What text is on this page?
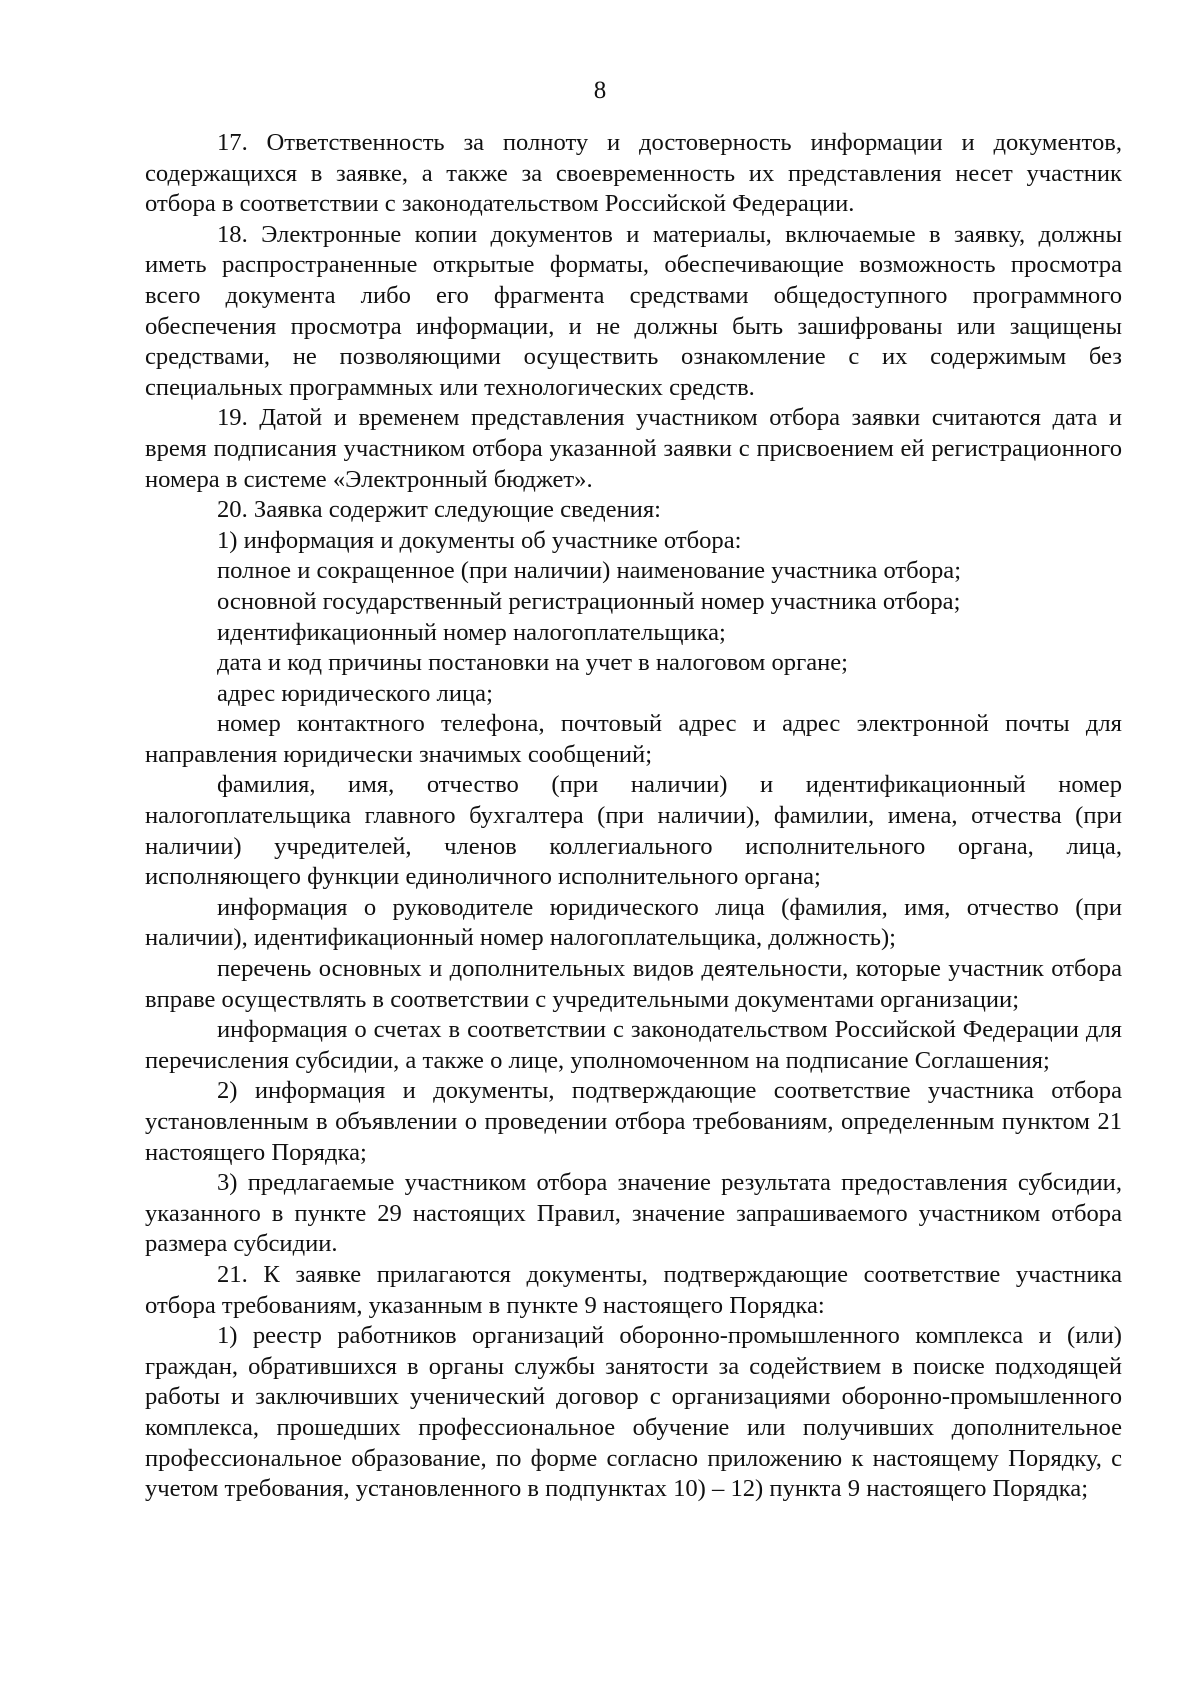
8

17. Ответственность за полноту и достоверность информации и документов, содержащихся в заявке, а также за своевременность их представления несет участник отбора в соответствии с законодательством Российской Федерации.

18. Электронные копии документов и материалы, включаемые в заявку, должны иметь распространенные открытые форматы, обеспечивающие возможность просмотра всего документа либо его фрагмента средствами общедоступного программного обеспечения просмотра информации, и не должны быть зашифрованы или защищены средствами, не позволяющими осуществить ознакомление с их содержимым без специальных программных или технологических средств.

19. Датой и временем представления участником отбора заявки считаются дата и время подписания участником отбора указанной заявки с присвоением ей регистрационного номера в системе «Электронный бюджет».

20. Заявка содержит следующие сведения:

1) информация и документы об участнике отбора:

полное и сокращенное (при наличии) наименование участника отбора;

основной государственный регистрационный номер участника отбора;

идентификационный номер налогоплательщика;

дата и код причины постановки на учет в налоговом органе;

адрес юридического лица;

номер контактного телефона, почтовый адрес и адрес электронной почты для направления юридически значимых сообщений;

фамилия, имя, отчество (при наличии) и идентификационный номер налогоплательщика главного бухгалтера (при наличии), фамилии, имена, отчества (при наличии) учредителей, членов коллегиального исполнительного органа, лица, исполняющего функции единоличного исполнительного органа;

информация о руководителе юридического лица (фамилия, имя, отчество (при наличии), идентификационный номер налогоплательщика, должность);

перечень основных и дополнительных видов деятельности, которые участник отбора вправе осуществлять в соответствии с учредительными документами организации;

информация о счетах в соответствии с законодательством Российской Федерации для перечисления субсидии, а также о лице, уполномоченном на подписание Соглашения;

2) информация и документы, подтверждающие соответствие участника отбора установленным в объявлении о проведении отбора требованиям, определенным пунктом 21 настоящего Порядка;

3) предлагаемые участником отбора значение результата предоставления субсидии, указанного в пункте 29 настоящих Правил, значение запрашиваемого участником отбора размера субсидии.

21. К заявке прилагаются документы, подтверждающие соответствие участника отбора требованиям, указанным в пункте 9 настоящего Порядка:

1) реестр работников организаций оборонно-промышленного комплекса и (или) граждан, обратившихся в органы службы занятости за содействием в поиске подходящей работы и заключивших ученический договор с организациями оборонно-промышленного комплекса, прошедших профессиональное обучение или получивших дополнительное профессиональное образование, по форме согласно приложению к настоящему Порядку, с учетом требования, установленного в подпунктах 10) – 12) пункта 9 настоящего Порядка;
